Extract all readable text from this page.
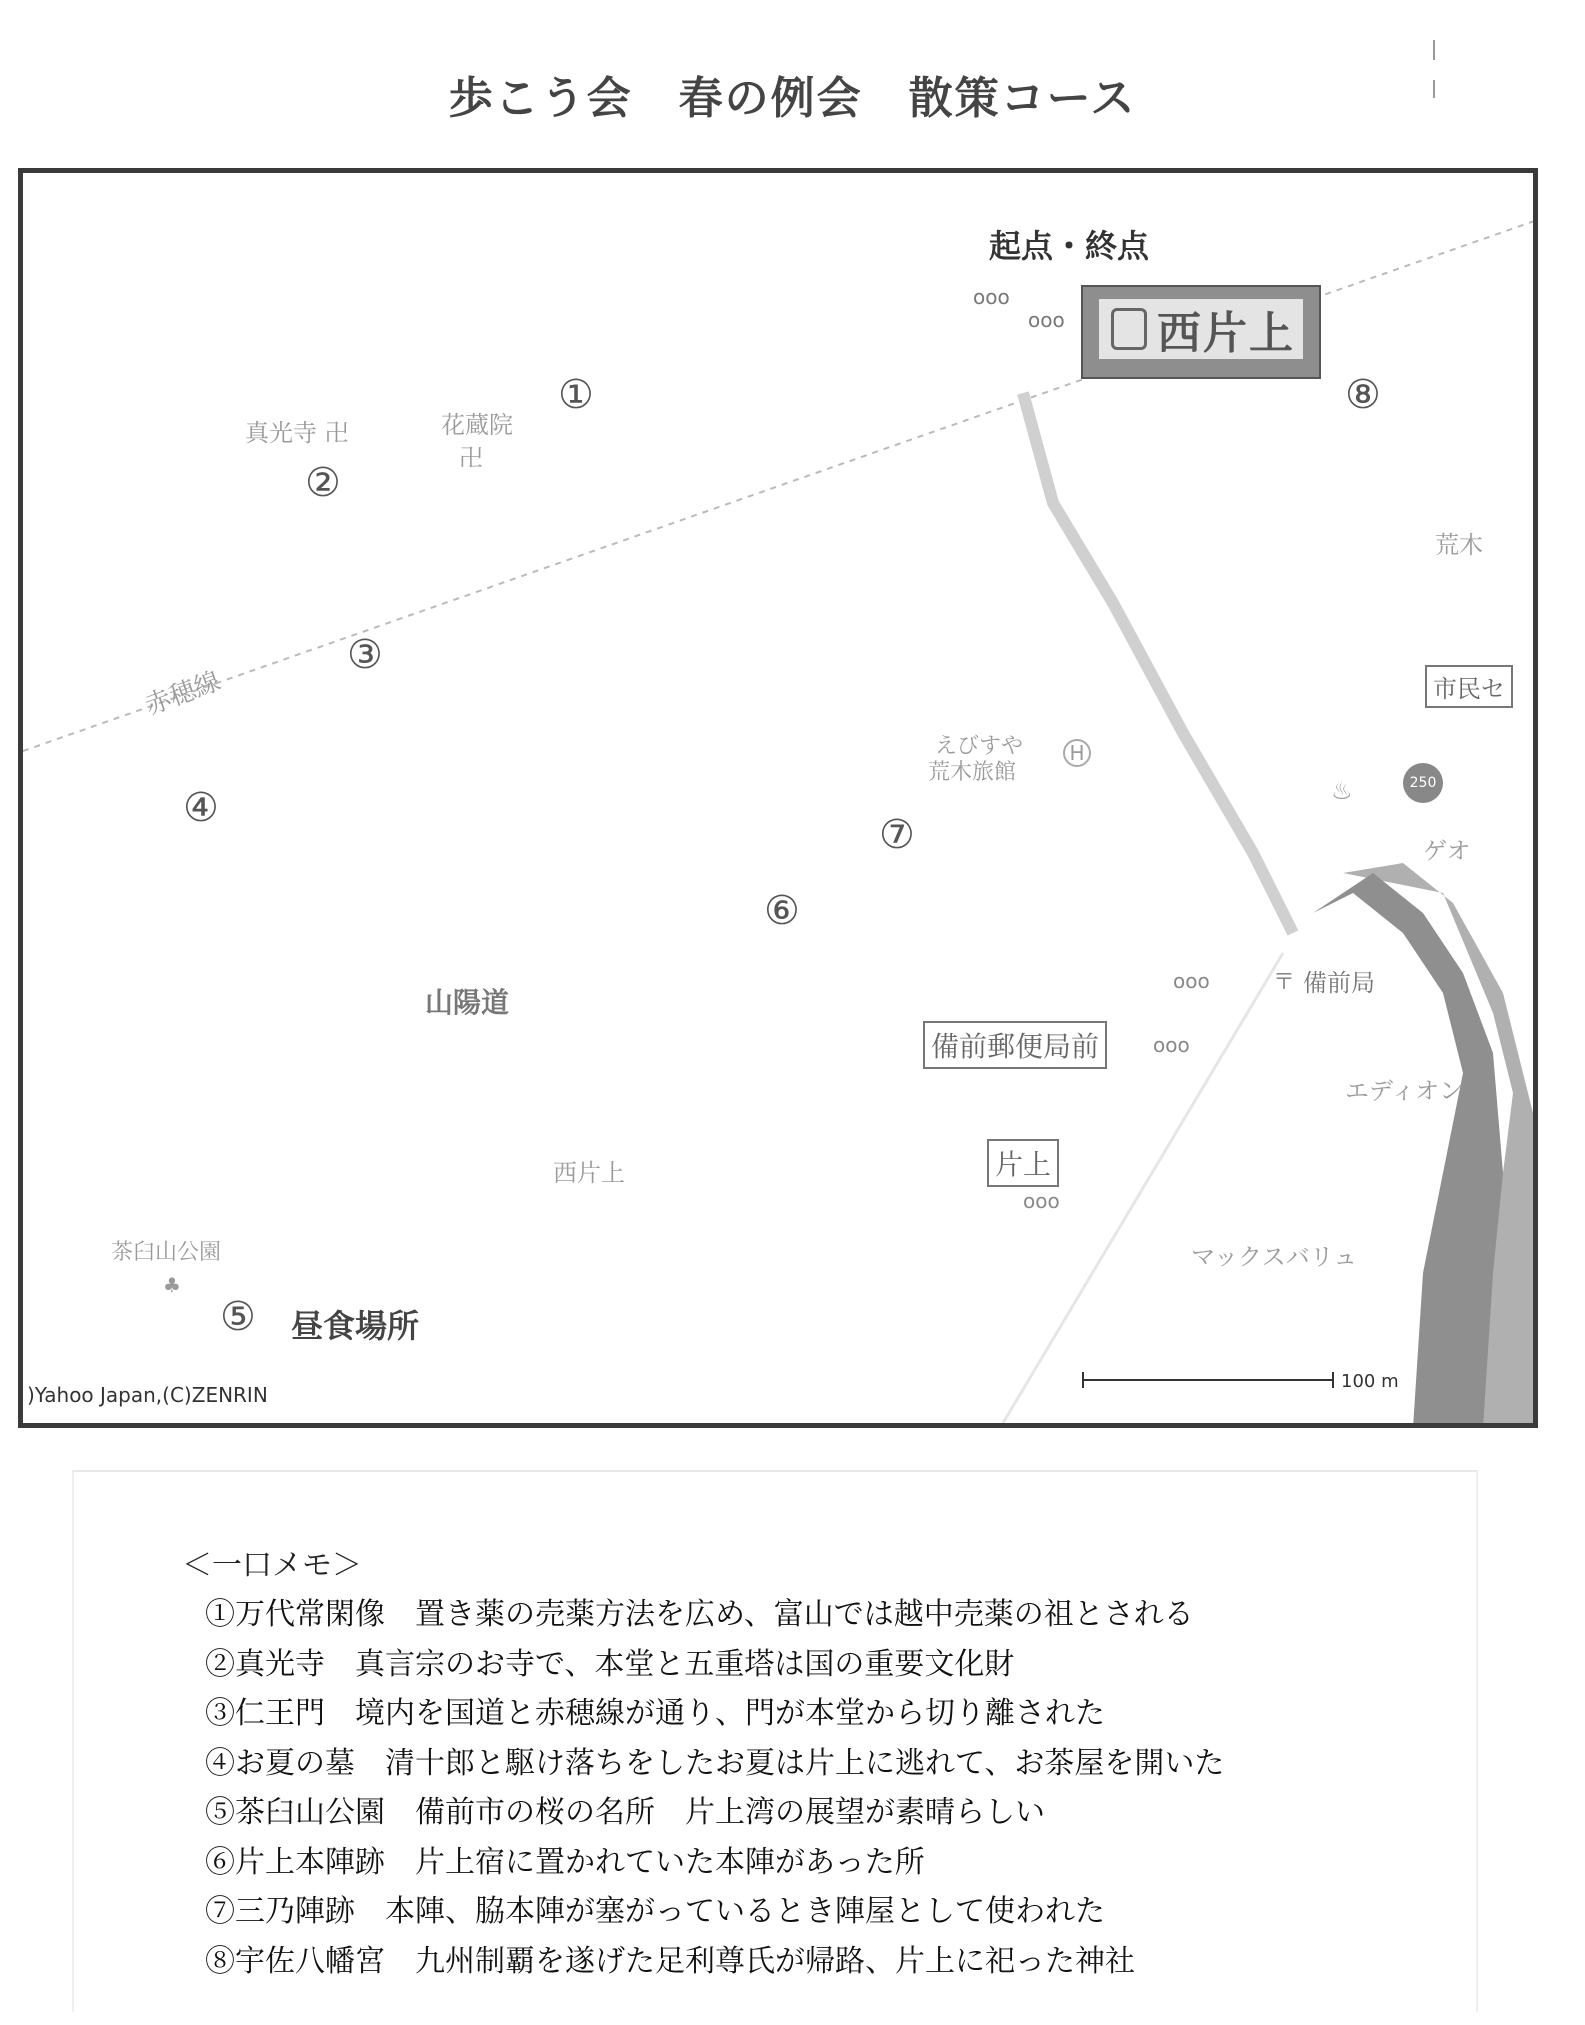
歩こう会　春の例会　散策コース
起点・終点
ooo
ooo 西片上
①
②
③
④
⑤
⑥
⑦
⑧
真光寺 卍	花蔵院
卍
赤穂線
山陽道
西片上
茶臼山公園
♣
昼食場所
えびすや
荒木旅館
H
荒木
市民セ
250
♨
ゲオ
備前局
〒
ooo
備前郵便局前	ooo
エディオン
片上
ooo
マックスバリュ
)Yahoo Japan,(C)ZENRIN
100 m
＜一口メモ＞
①万代常閑像　置き薬の売薬方法を広め、富山では越中売薬の祖とされる
②真光寺　真言宗のお寺で、本堂と五重塔は国の重要文化財
③仁王門　境内を国道と赤穂線が通り、門が本堂から切り離された
④お夏の墓　清十郎と駆け落ちをしたお夏は片上に逃れて、お茶屋を開いた
⑤茶臼山公園　備前市の桜の名所　片上湾の展望が素晴らしい
⑥片上本陣跡　片上宿に置かれていた本陣があった所
⑦三乃陣跡　本陣、脇本陣が塞がっているとき陣屋として使われた
⑧宇佐八幡宮　九州制覇を遂げた足利尊氏が帰路、片上に祀った神社
